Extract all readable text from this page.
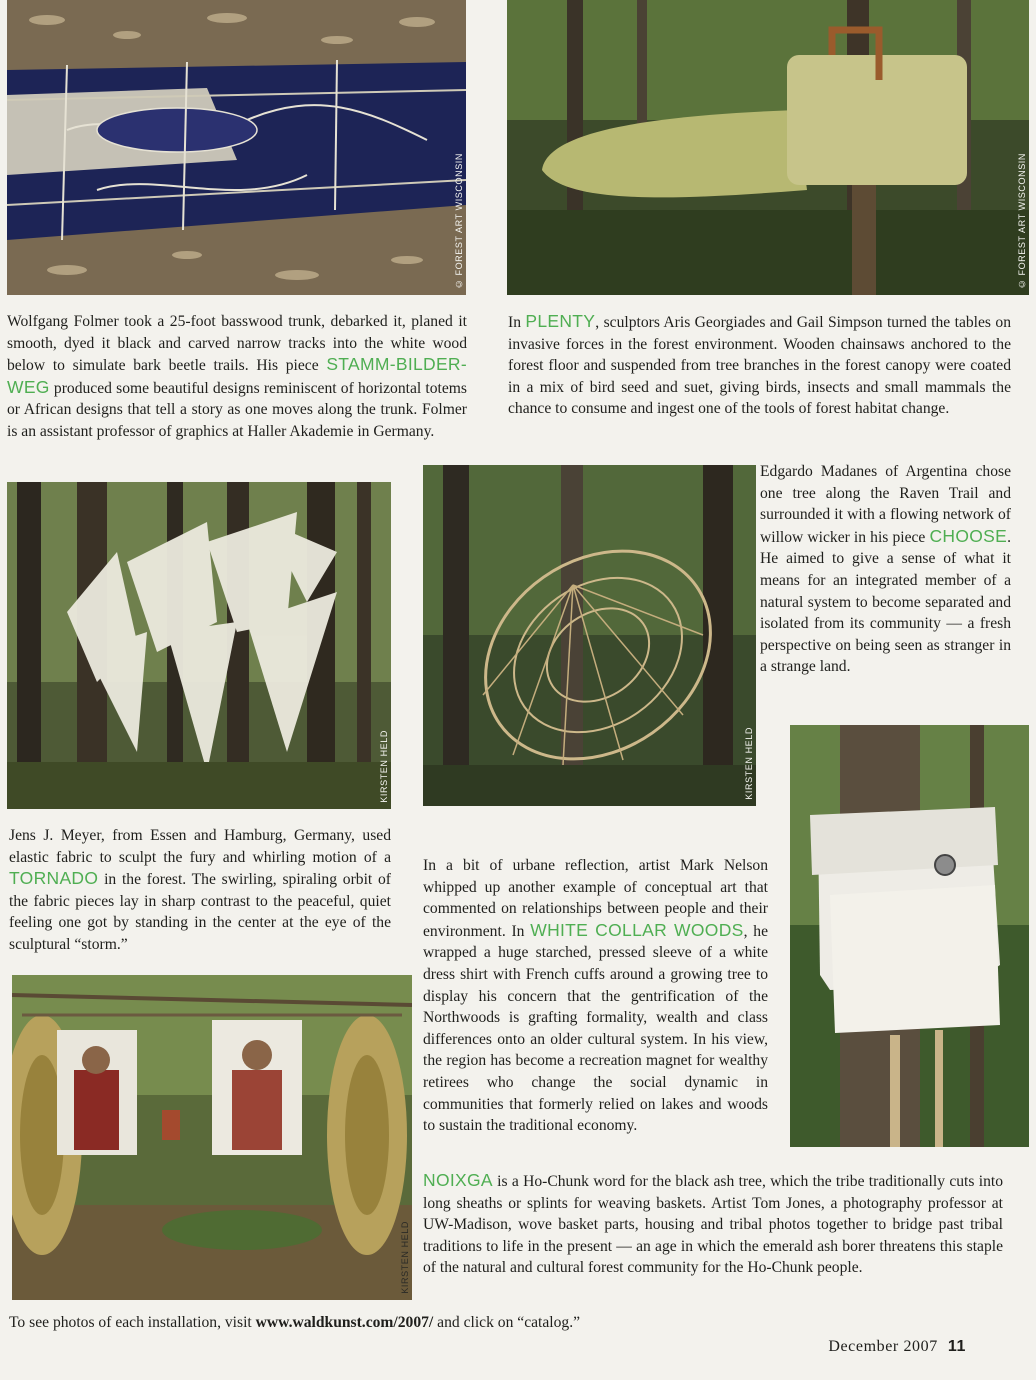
© FOREST ART WISCONSIN	© FOREST ART WISCONSIN

Wolfgang Folmer took a 25-foot basswood trunk, debarked it, planed it smooth, dyed it black and carved narrow tracks into the white wood below to simulate bark beetle trails. His piece STAMM-BILDER-WEG produced some beautiful designs reminiscent of horizontal totems or African designs that tell a story as one moves along the trunk. Folmer is an assistant professor of graphics at Haller Akademie in Germany.

In PLENTY, sculptors Aris Georgiades and Gail Simpson turned the tables on invasive forces in the forest environment. Wooden chainsaws anchored to the forest floor and suspended from tree branches in the forest canopy were coated in a mix of bird seed and suet, giving birds, insects and small mammals the chance to consume and ingest one of the tools of forest habitat change.

KIRSTEN HELD	KIRSTEN HELD

Edgardo Madanes of Argentina chose one tree along the Raven Trail and surrounded it with a flowing network of willow wicker in his piece CHOOSE. He aimed to give a sense of what it means for an integrated member of a natural system to become separated and isolated from its community — a fresh perspective on being seen as stranger in a strange land.

Jens J. Meyer, from Essen and Hamburg, Germany, used elastic fabric to sculpt the fury and whirling motion of a TORNADO in the forest. The swirling, spiraling orbit of the fabric pieces lay in sharp contrast to the peaceful, quiet feeling one got by standing in the center at the eye of the sculptural “storm.”

In a bit of urbane reflection, artist Mark Nelson whipped up another example of conceptual art that commented on relationships between people and their environment. In WHITE COLLAR WOODS, he wrapped a huge starched, pressed sleeve of a white dress shirt with French cuffs around a growing tree to display his concern that the gentrification of the Northwoods is grafting formality, wealth and class differences onto an older cultural system. In his view, the region has become a recreation magnet for wealthy retirees who change the social dynamic in communities that formerly relied on lakes and woods to sustain the traditional economy.

KIRSTEN HELD

NOIXGA is a Ho-Chunk word for the black ash tree, which the tribe traditionally cuts into long sheaths or splints for weaving baskets. Artist Tom Jones, a photography professor at UW-Madison, wove basket parts, housing and tribal photos together to bridge past tribal traditions to life in the present — an age in which the emerald ash borer threatens this staple of the natural and cultural forest community for the Ho-Chunk people.

To see photos of each installation, visit www.waldkunst.com/2007/ and click on “catalog.”
December 2007 11
